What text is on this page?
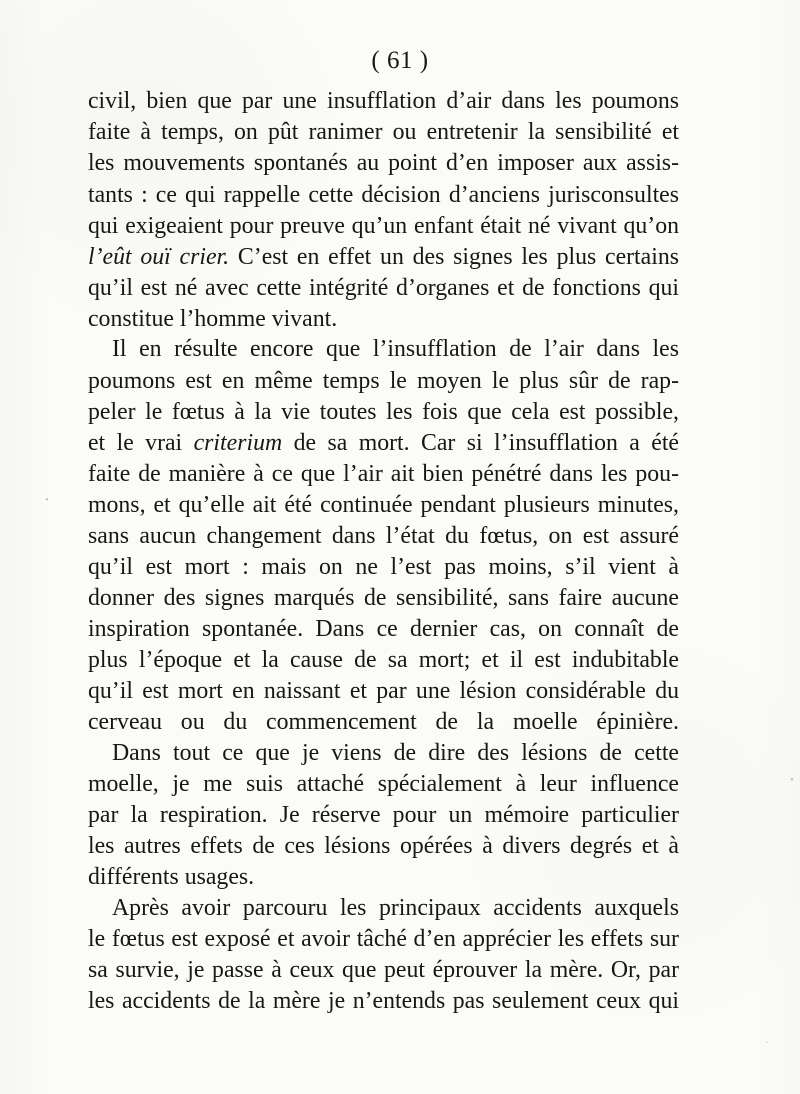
( 61 )
civil, bien que par une insufflation d’air dans les poumons
faite à temps, on pût ranimer ou entretenir la sensibilité et
les mouvements spontanés au point d’en imposer aux assis-
tants : ce qui rappelle cette décision d’anciens jurisconsultes
qui exigeaient pour preuve qu’un enfant était né vivant qu’on
l’eût ouï crier. C’est en effet un des signes les plus certains
qu’il est né avec cette intégrité d’organes et de fonctions qui
constitue l’homme vivant.
Il en résulte encore que l’insufflation de l’air dans les
poumons est en même temps le moyen le plus sûr de rap-
peler le fœtus à la vie toutes les fois que cela est possible,
et le vrai criterium de sa mort. Car si l’insufflation a été
faite de manière à ce que l’air ait bien pénétré dans les pou-
mons, et qu’elle ait été continuée pendant plusieurs minutes,
sans aucun changement dans l’état du fœtus, on est assuré
qu’il est mort : mais on ne l’est pas moins, s’il vient à
donner des signes marqués de sensibilité, sans faire aucune
inspiration spontanée. Dans ce dernier cas, on connaît de
plus l’époque et la cause de sa mort; et il est indubitable
qu’il est mort en naissant et par une lésion considérable du
cerveau ou du commencement de la moelle épinière.
Dans tout ce que je viens de dire des lésions de cette
moelle, je me suis attaché spécialement à leur influence
par la respiration. Je réserve pour un mémoire particulier
les autres effets de ces lésions opérées à divers degrés et à
différents usages.
Après avoir parcouru les principaux accidents auxquels
le fœtus est exposé et avoir tâché d’en apprécier les effets sur
sa survie, je passe à ceux que peut éprouver la mère. Or, par
les accidents de la mère je n’entends pas seulement ceux qui
•
•
·
